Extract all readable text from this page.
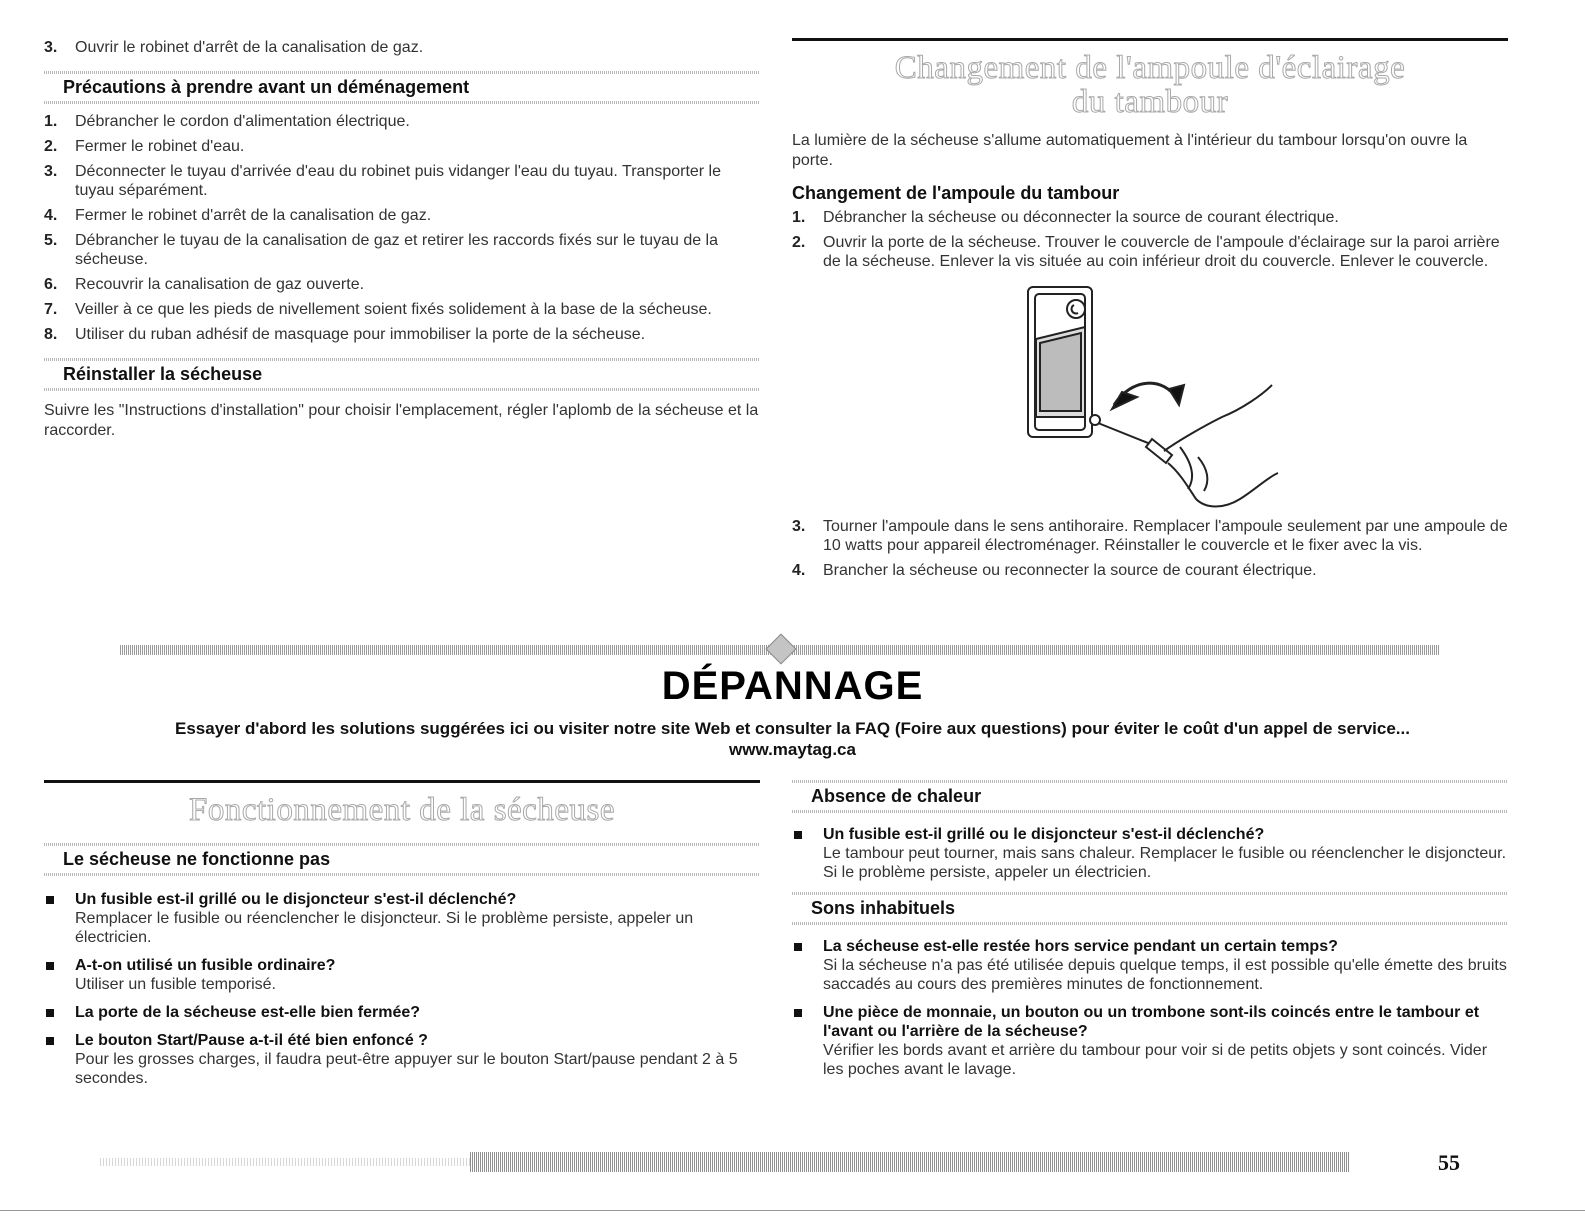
3. Ouvrir le robinet d'arrêt de la canalisation de gaz.
Précautions à prendre avant un déménagement
1. Débrancher le cordon d'alimentation électrique.
2. Fermer le robinet d'eau.
3. Déconnecter le tuyau d'arrivée d'eau du robinet puis vidanger l'eau du tuyau. Transporter le tuyau séparément.
4. Fermer le robinet d'arrêt de la canalisation de gaz.
5. Débrancher le tuyau de la canalisation de gaz et retirer les raccords fixés sur le tuyau de la sécheuse.
6. Recouvrir la canalisation de gaz ouverte.
7. Veiller à ce que les pieds de nivellement soient fixés solidement à la base de la sécheuse.
8. Utiliser du ruban adhésif de masquage pour immobiliser la porte de la sécheuse.
Réinstaller la sécheuse
Suivre les "Instructions d'installation" pour choisir l'emplacement, régler l'aplomb de la sécheuse et la raccorder.
Changement de l'ampoule d'éclairage
du tambour
La lumière de la sécheuse s'allume automatiquement à l'intérieur du tambour lorsqu'on ouvre la porte.
Changement de l'ampoule du tambour
1. Débrancher la sécheuse ou déconnecter la source de courant électrique.
2. Ouvrir la porte de la sécheuse. Trouver le couvercle de l'ampoule d'éclairage sur la paroi arrière de la sécheuse. Enlever la vis située au coin inférieur droit du couvercle. Enlever le couvercle.
3. Tourner l'ampoule dans le sens antihoraire. Remplacer l'ampoule seulement par une ampoule de 10 watts pour appareil électroménager. Réinstaller le couvercle et le fixer avec la vis.
4. Brancher la sécheuse ou reconnecter la source de courant électrique.
DÉPANNAGE
Essayer d'abord les solutions suggérées ici ou visiter notre site Web et consulter la FAQ (Foire aux questions) pour éviter le coût d'un appel de service...
www.maytag.ca
Fonctionnement de la sécheuse
Le sécheuse ne fonctionne pas
Un fusible est-il grillé ou le disjoncteur s'est-il déclenché?
Remplacer le fusible ou réenclencher le disjoncteur. Si le problème persiste, appeler un électricien.
A-t-on utilisé un fusible ordinaire?
Utiliser un fusible temporisé.
La porte de la sécheuse est-elle bien fermée?
Le bouton Start/Pause a-t-il été bien enfoncé ?
Pour les grosses charges, il faudra peut-être appuyer sur le bouton Start/pause pendant 2 à 5 secondes.
Absence de chaleur
Un fusible est-il grillé ou le disjoncteur s'est-il déclenché?
Le tambour peut tourner, mais sans chaleur. Remplacer le fusible ou réenclencher le disjoncteur. Si le problème persiste, appeler un électricien.
Sons inhabituels
La sécheuse est-elle restée hors service pendant un certain temps?
Si la sécheuse n'a pas été utilisée depuis quelque temps, il est possible qu'elle émette des bruits saccadés au cours des premières minutes de fonctionnement.
Une pièce de monnaie, un bouton ou un trombone sont-ils coincés entre le tambour et l'avant ou l'arrière de la sécheuse?
Vérifier les bords avant et arrière du tambour pour voir si de petits objets y sont coincés. Vider les poches avant le lavage.
55
